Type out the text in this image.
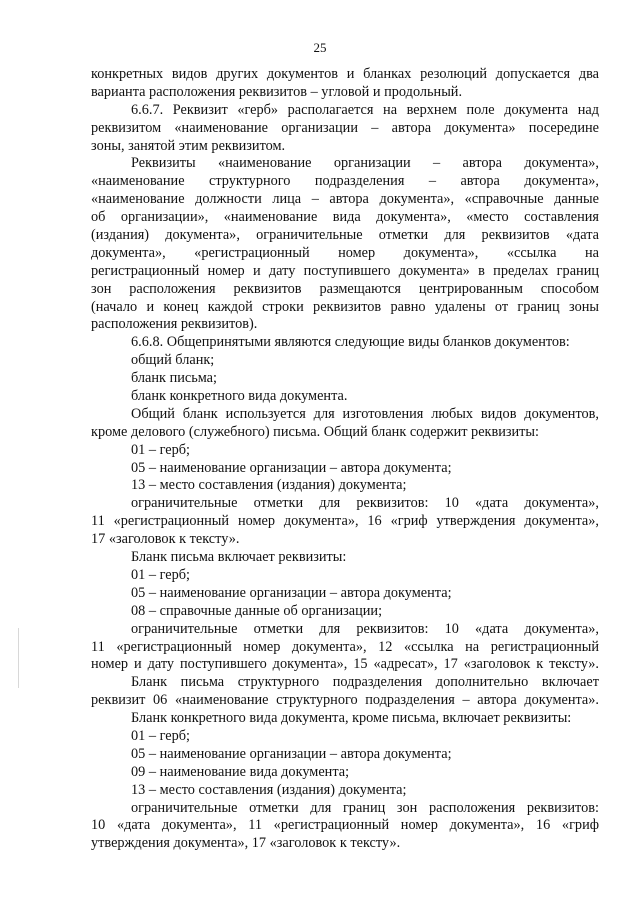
25
конкретных видов других документов и бланках резолюций допускается два
варианта расположения реквизитов – угловой и продольный.
6.6.7. Реквизит «герб» располагается на верхнем поле документа над
реквизитом «наименование организации – автора документа» посередине
зоны, занятой этим реквизитом.
Реквизиты «наименование организации – автора документа»,
«наименование структурного подразделения – автора документа»,
«наименование должности лица – автора документа», «справочные данные
об организации», «наименование вида документа», «место составления
(издания) документа», ограничительные отметки для реквизитов «дата
документа», «регистрационный номер документа», «ссылка на
регистрационный номер и дату поступившего документа» в пределах границ
зон расположения реквизитов размещаются центрированным способом
(начало и конец каждой строки реквизитов равно удалены от границ зоны
расположения реквизитов).
6.6.8. Общепринятыми являются следующие виды бланков документов:
общий бланк;
бланк письма;
бланк конкретного вида документа.
Общий бланк используется для изготовления любых видов документов,
кроме делового (служебного) письма. Общий бланк содержит реквизиты:
01 – герб;
05 – наименование организации – автора документа;
13 – место составления (издания) документа;
ограничительные отметки для реквизитов: 10 «дата документа»,
11 «регистрационный номер документа», 16 «гриф утверждения документа»,
17 «заголовок к тексту».
Бланк письма включает реквизиты:
01 – герб;
05 – наименование организации – автора документа;
08 – справочные данные об организации;
ограничительные отметки для реквизитов: 10 «дата документа»,
11 «регистрационный номер документа», 12 «ссылка на регистрационный
номер и дату поступившего документа», 15 «адресат», 17 «заголовок к тексту».
Бланк письма структурного подразделения дополнительно включает
реквизит 06 «наименование структурного подразделения – автора документа».
Бланк конкретного вида документа, кроме письма, включает реквизиты:
01 – герб;
05 – наименование организации – автора документа;
09 – наименование вида документа;
13 – место составления (издания) документа;
ограничительные отметки для границ зон расположения реквизитов:
10 «дата документа», 11 «регистрационный номер документа», 16 «гриф
утверждения документа», 17 «заголовок к тексту».
